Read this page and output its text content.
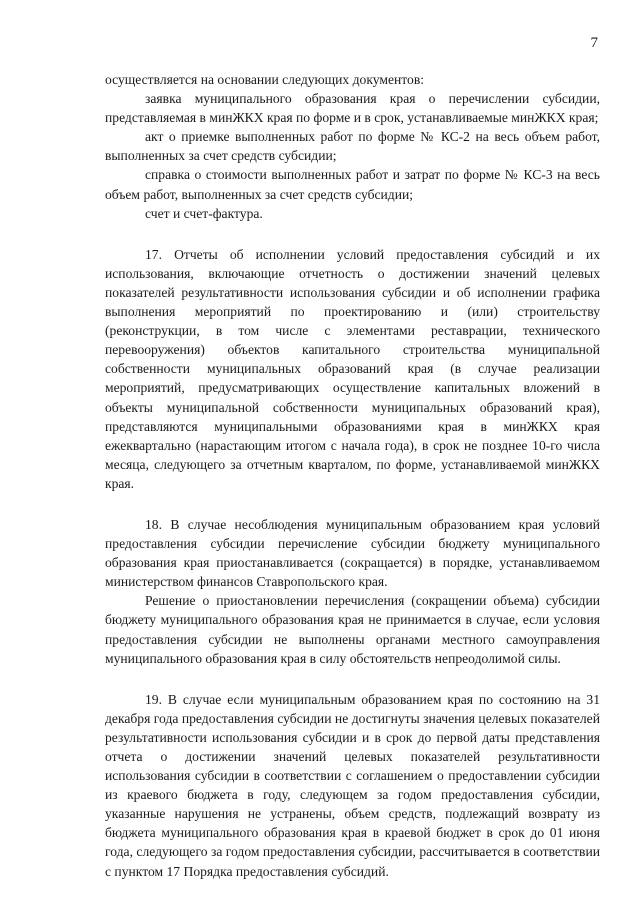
7

осуществляется на основании следующих документов:

заявка муниципального образования края о перечислении субсидии, представляемая в минЖКХ края по форме и в срок, устанавливаемые минЖКХ края;

акт о приемке выполненных работ по форме № КС-2 на весь объем работ, выполненных за счет средств субсидии;

справка о стоимости выполненных работ и затрат по форме № КС-3 на весь объем работ, выполненных за счет средств субсидии;

счет и счет-фактура.

17. Отчеты об исполнении условий предоставления субсидий и их использования, включающие отчетность о достижении значений целевых показателей результативности использования субсидии и об исполнении графика выполнения мероприятий по проектированию и (или) строительству (реконструкции, в том числе с элементами реставрации, технического перевооружения) объектов капитального строительства муниципальной собственности муниципальных образований края (в случае реализации мероприятий, предусматривающих осуществление капитальных вложений в объекты муниципальной собственности муниципальных образований края), представляются муниципальными образованиями края в минЖКХ края ежеквартально (нарастающим итогом с начала года), в срок не позднее 10-го числа месяца, следующего за отчетным кварталом, по форме, устанавливаемой минЖКХ края.

18. В случае несоблюдения муниципальным образованием края условий предоставления субсидии перечисление субсидии бюджету муниципального образования края приостанавливается (сокращается) в порядке, устанавливаемом министерством финансов Ставропольского края.

Решение о приостановлении перечисления (сокращении объема) субсидии бюджету муниципального образования края не принимается в случае, если условия предоставления субсидии не выполнены органами местного самоуправления муниципального образования края в силу обстоятельств непреодолимой силы.

19. В случае если муниципальным образованием края по состоянию на 31 декабря года предоставления субсидии не достигнуты значения целевых показателей результативности использования субсидии и в срок до первой даты представления отчета о достижении значений целевых показателей результативности использования субсидии в соответствии с соглашением о предоставлении субсидии из краевого бюджета в году, следующем за годом предоставления субсидии, указанные нарушения не устранены, объем средств, подлежащий возврату из бюджета муниципального образования края в краевой бюджет в срок до 01 июня года, следующего за годом предоставления субсидии, рассчитывается в соответствии с пунктом 17 Порядка предоставления субсидий.
